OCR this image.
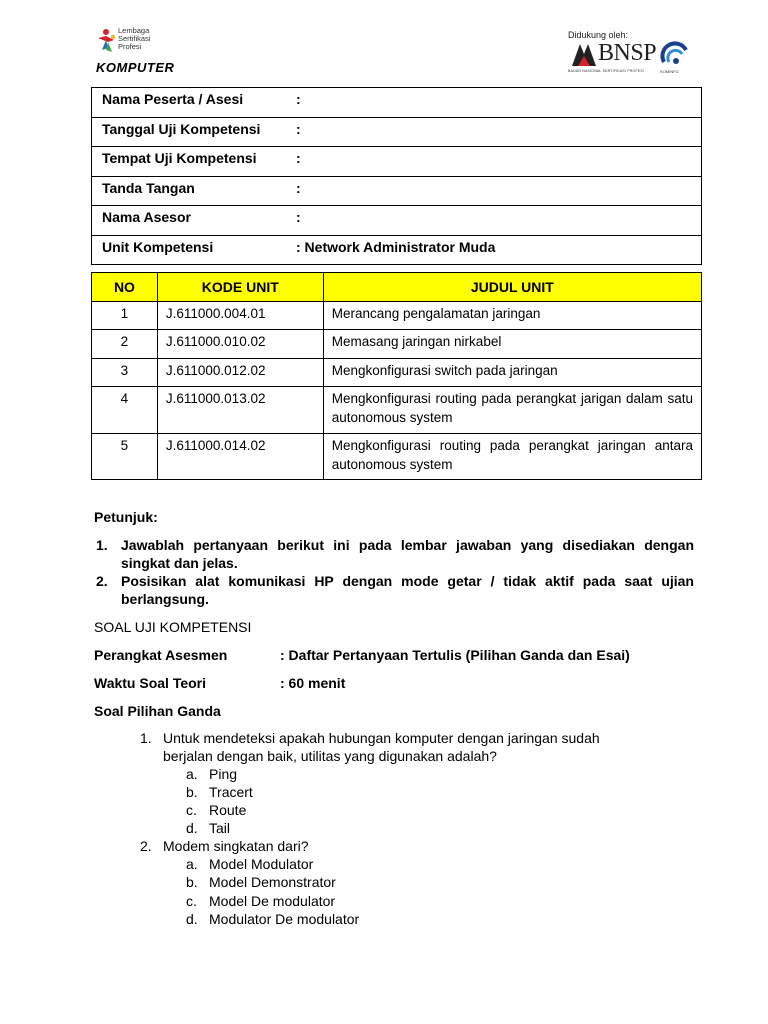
Lembaga
Sertifikasi
Profesi
KOMPUTER
Didukung oleh:
BNSP
BADAN NASIONAL SERTIFIKASI PROFESI	KOMINFO
Nama Peserta / Asesi	:
Tanggal Uji Kompetensi	:
Tempat Uji Kompetensi	:
Tanda Tangan	:
Nama Asesor	:
Unit Kompetensi	: Network Administrator Muda
NO	KODE UNIT	JUDUL UNIT
1	J.611000.004.01	Merancang pengalamatan jaringan
2	J.611000.010.02	Memasang jaringan nirkabel
3	J.611000.012.02	Mengkonfigurasi switch pada jaringan
4	J.611000.013.02	Mengkonfigurasi routing pada perangkat jarigan dalam satu autonomous system
5	J.611000.014.02	Mengkonfigurasi routing pada perangkat jaringan antara autonomous system
Petunjuk:
1. Jawablah pertanyaan berikut ini pada lembar jawaban yang disediakan dengan singkat dan jelas.
2. Posisikan alat komunikasi HP dengan mode getar / tidak aktif pada saat ujian berlangsung.
SOAL UJI KOMPETENSI
Perangkat Asesmen	: Daftar Pertanyaan Tertulis (Pilihan Ganda dan Esai)
Waktu Soal Teori	: 60 menit
Soal Pilihan Ganda
1. Untuk mendeteksi apakah hubungan komputer dengan jaringan sudah
berjalan dengan baik, utilitas yang digunakan adalah?
a. Ping
b. Tracert
c. Route
d. Tail
2. Modem singkatan dari?
a. Model Modulator
b. Model Demonstrator
c. Model De modulator
d. Modulator De modulator
